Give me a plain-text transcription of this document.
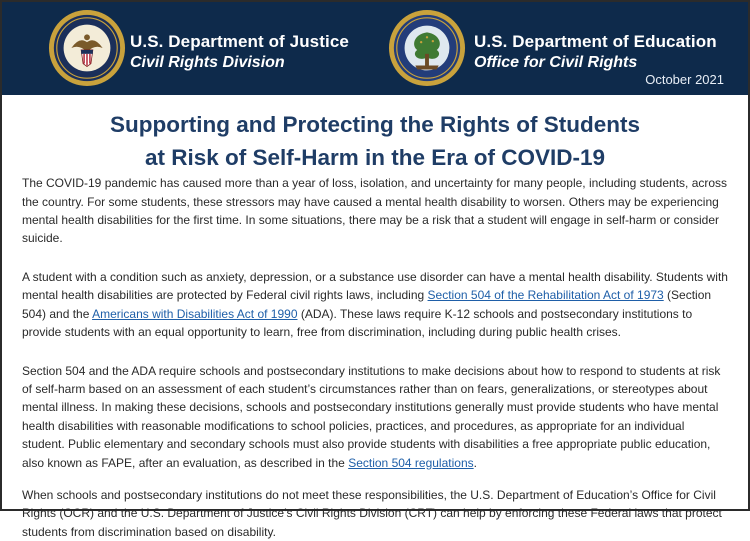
U.S. Department of Justice
Civil Rights Division
U.S. Department of Education
Office for Civil Rights
October 2021
Supporting and Protecting the Rights of Students
at Risk of Self-Harm in the Era of COVID-19

The COVID-19 pandemic has caused more than a year of loss, isolation, and uncertainty for many people, including students, across the country. For some students, these stressors may have caused a mental health disability to worsen. Others may be experiencing mental health disabilities for the first time. In some situations, there may be a risk that a student will engage in self-harm or consider suicide.

A student with a condition such as anxiety, depression, or a substance use disorder can have a mental health disability. Students with mental health disabilities are protected by Federal civil rights laws, including Section 504 of the Rehabilitation Act of 1973 (Section 504) and the Americans with Disabilities Act of 1990 (ADA). These laws require K-12 schools and postsecondary institutions to provide students with an equal opportunity to learn, free from discrimination, including during public health crises.

Section 504 and the ADA require schools and postsecondary institutions to make decisions about how to respond to students at risk of self-harm based on an assessment of each student’s circumstances rather than on fears, generalizations, or stereotypes about mental illness. In making these decisions, schools and postsecondary institutions generally must provide students who have mental health disabilities with reasonable modifications to school policies, practices, and procedures, as appropriate for an individual student. Public elementary and secondary schools must also provide students with disabilities a free appropriate public education, also known as FAPE, after an evaluation, as described in the Section 504 regulations.

When schools and postsecondary institutions do not meet these responsibilities, the U.S. Department of Education’s Office for Civil Rights (OCR) and the U.S. Department of Justice’s Civil Rights Division (CRT) can help by enforcing these Federal laws that protect students from discrimination based on disability.
